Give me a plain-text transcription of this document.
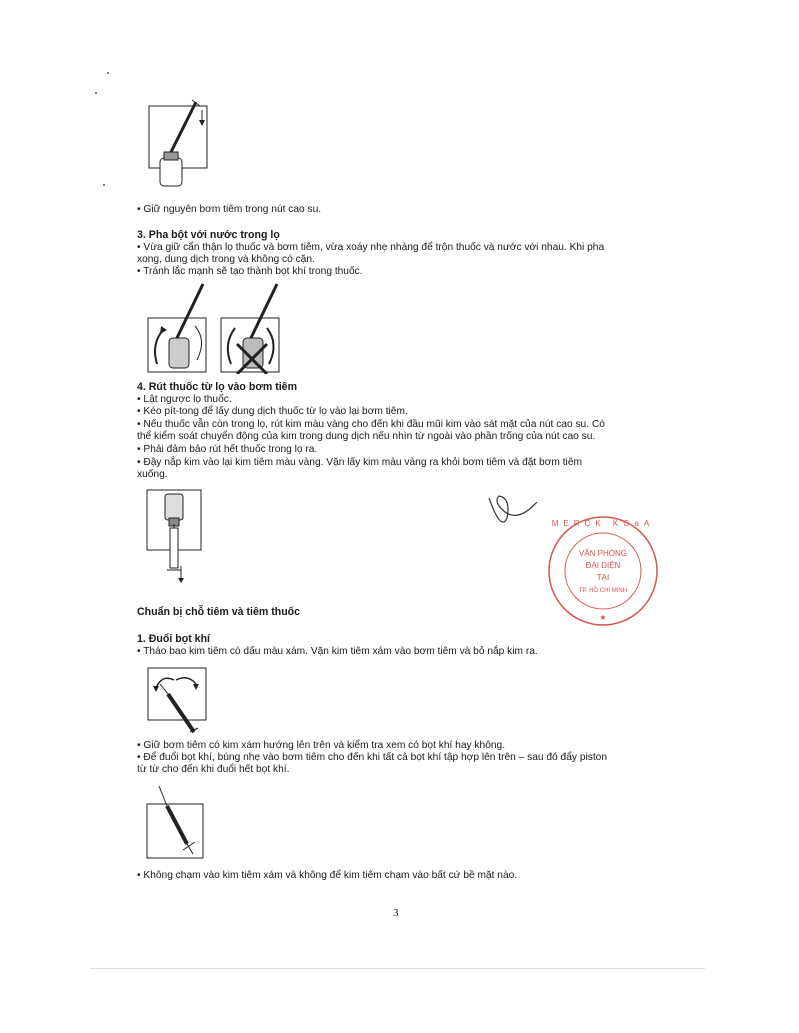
• Giữ nguyên bơm tiêm trong nút cao su.
3. Pha bột với nước trong lọ
• Vừa giữ cẩn thận lọ thuốc và bơm tiêm, vừa xoáy nhẹ nhàng để trộn thuốc và nước với nhau. Khi pha
xong, dung dịch trong và không có cặn.
• Tránh lắc mạnh sẽ tạo thành bọt khí trong thuốc.
4. Rút thuốc từ lọ vào bơm tiêm
• Lật ngược lọ thuốc.
• Kéo pít-tong để lấy dung dịch thuốc từ lọ vào lại bơm tiêm.
• Nếu thuốc vẫn còn trong lọ, rút kim màu vàng cho đến khi đầu mũi kim vào sát mặt của nút cao su. Có
thể kiểm soát chuyển động của kim trong dung dịch nếu nhìn từ ngoài vào phần trống của nút cao su.
• Phải đảm bảo rút hết thuốc trong lọ ra.
• Đậy nắp kim vào lại kim tiêm màu vàng. Vặn lấy kim màu vàng ra khỏi bơm tiêm và đặt bơm tiêm
xuống.
MERCK KGaA
VĂN PHÒNG
ĐẠI DIỆN
TẠI
TP. HỒ CHÍ MINH
★
Chuẩn bị chỗ tiêm và tiêm thuốc
1. Đuổi bọt khí
• Tháo bao kim tiêm có dấu màu xám. Vặn kim tiêm xám vào bơm tiêm và bỏ nắp kim ra.
• Giữ bơm tiêm có kim xám hướng lên trên và kiểm tra xem có bọt khí hay không.
• Để đuổi bọt khí, búng nhẹ vào bơm tiêm cho đến khi tất cả bọt khí tập hợp lên trên – sau đó đẩy piston
từ từ cho đến khi đuổi hết bọt khí.
• Không chạm vào kim tiêm xám và không để kim tiêm chạm vào bất cứ bề mặt nào.
3
